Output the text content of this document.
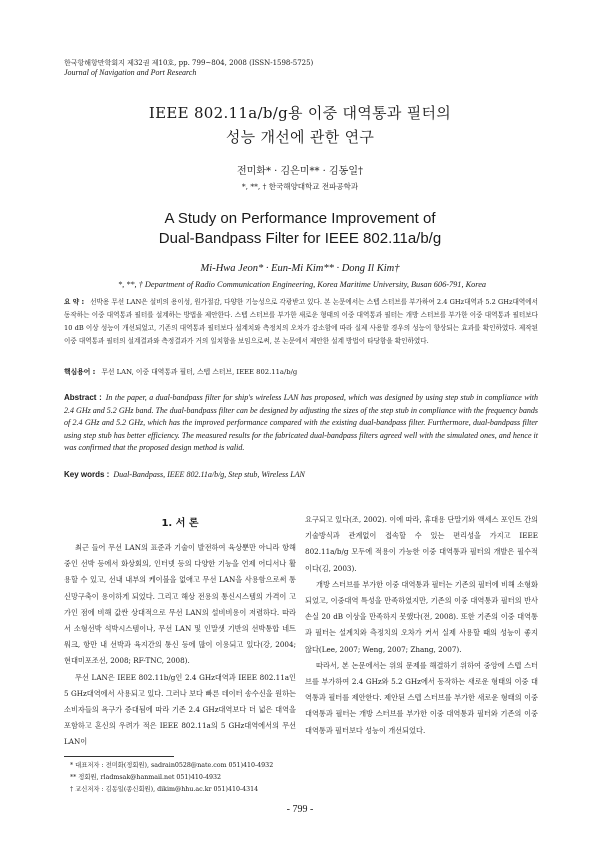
한국항해항만학회지 제32권 제10호, pp. 799~804, 2008 (ISSN-1598-5725)
Journal of Navigation and Port Research
IEEE 802.11a/b/g용 이중 대역통과 필터의
성능 개선에 관한 연구
전미화* · 김은미** · 김동일†
*, **, † 한국해양대학교 전파공학과
A Study on Performance Improvement of
Dual-Bandpass Filter for IEEE 802.11a/b/g
Mi-Hwa Jeon* · Eun-Mi Kim** · Dong Il Kim†
*, **, † Department of Radio Communication Engineering, Korea Maritime University, Busan 606-791, Korea

요 약 : 선박용 무선 LAN은 설비의 용이성, 원가절감, 다양한 기능성으로 각광받고 있다. 본 논문에서는 스텝 스터브를 부가하여 2.4 GHz대역과 5.2 GHz대역에서 동작하는 이중 대역통과 필터를 설계하는 방법을 제안한다. 스텝 스터브를 부가한 새로운 형태의 이중 대역통과 필터는 개방 스터브를 부가한 이중 대역통과 필터보다 10 dB 이상 성능이 개선되었고, 기존의 대역통과 필터보다 설계치와 측정치의 오차가 감소함에 따라 실제 사용할 경우의 성능이 향상되는 효과를 확인하였다. 제작된 이중 대역통과 필터의 설계결과와 측정결과가 거의 일치함을 보임으로써, 본 논문에서 제안한 설계 방법이 타당함을 확인하였다.

핵심용어 : 무선 LAN, 이중 대역통과 필터, 스텝 스터브, IEEE 802.11a/b/g

Abstract : In the paper, a dual-bandpass filter for ship's wireless LAN has proposed, which was designed by using step stub in compliance with 2.4 GHz and 5.2 GHz band. The dual-bandpass filter can be designed by adjusting the sizes of the step stub in compliance with the frequency bands of 2.4 GHz and 5.2 GHz, which has the improved performance compared with the existing dual-bandpass filter. Furthermore, dual-bandpass filter using step stub has better efficiency. The measured results for the fabricated dual-bandpass filters agreed well with the simulated ones, and hence it was confirmed that the proposed design method is valid.

Key words : Dual-Bandpass, IEEE 802.11a/b/g, Step stub, Wireless LAN
1. 서 론

최근 들어 무선 LAN의 표준과 기술이 발전하여 육상뿐만 아니라 항해 중인 선박 등에서 화상회의, 인터넷 등의 다양한 기능을 언제 어디서나 활용할 수 있고, 선내 내부의 케이블을 없애고 무선 LAN을 사용함으로써 통신망구축이 용이하게 되었다. 그리고 해상 전용의 통신시스템의 가격이 고가인 점에 비해 값싼 상대적으로 무선 LAN의 설비비용이 저렴하다. 따라서 소형선박 석박시스템이나, 무선 LAN 및 인말샛 기반의 선박통합 네트워크, 항만 내 선박과 육지간의 통신 등에 많이 이용되고 있다(강, 2004; 현대미포조선, 2008; RF-TNC, 2008).

무선 LAN은 IEEE 802.11b/g인 2.4 GHz대역과 IEEE 802.11a인 5 GHz대역에서 사용되고 있다. 그러나 보다 빠른 데이터 송수신을 원하는 소비자들의 욕구가 증대됨에 따라 기존 2.4 GHz대역보다 더 넓은 대역을 포함하고 혼신의 우려가 적은 IEEE 802.11a의 5 GHz대역에서의 무선 LAN이

요구되고 있다(조, 2002). 이에 따라, 휴대용 단말기와 액세스 포인트 간의 기술방식과 관계없이 접속할 수 있는 편리성을 가지고 IEEE 802.11a/b/g 모두에 적용이 가능한 이중 대역통과 필터의 개발은 필수적이다(김, 2003).

개방 스터브를 부가한 이중 대역통과 필터는 기존의 필터에 비해 소형화되었고, 이중대역 특성을 만족하였지만, 기존의 이중 대역통과 필터의 반사손실 20 dB 이상을 만족하지 못했다(전, 2008). 또한 기존의 이중 대역통과 필터는 설계치와 측정치의 오차가 커서 실제 사용할 때의 성능이 좋지 않다(Lee, 2007; Weng, 2007; Zhang, 2007).

따라서, 본 논문에서는 위의 문제를 해결하기 위하여 중앙에 스텝 스터브를 부가하여 2.4 GHz와 5.2 GHz에서 동작하는 새로운 형태의 이중 대역통과 필터를 제안한다. 제안된 스텝 스터브를 부가한 새로운 형태의 이중 대역통과 필터는 개방 스터브를 부가한 이중 대역통과 필터와 기존의 이중 대역통과 필터보다 성능이 개선되었다.

* 대표저자 : 전미화(정회원), sadrain0528@nate.com 051)410-4932
** 정회원, rladmsak@hanmail.net 051)410-4932
† 교신저자 : 김동일(종신회원), dikim@hhu.ac.kr 051)410-4314
- 799 -
